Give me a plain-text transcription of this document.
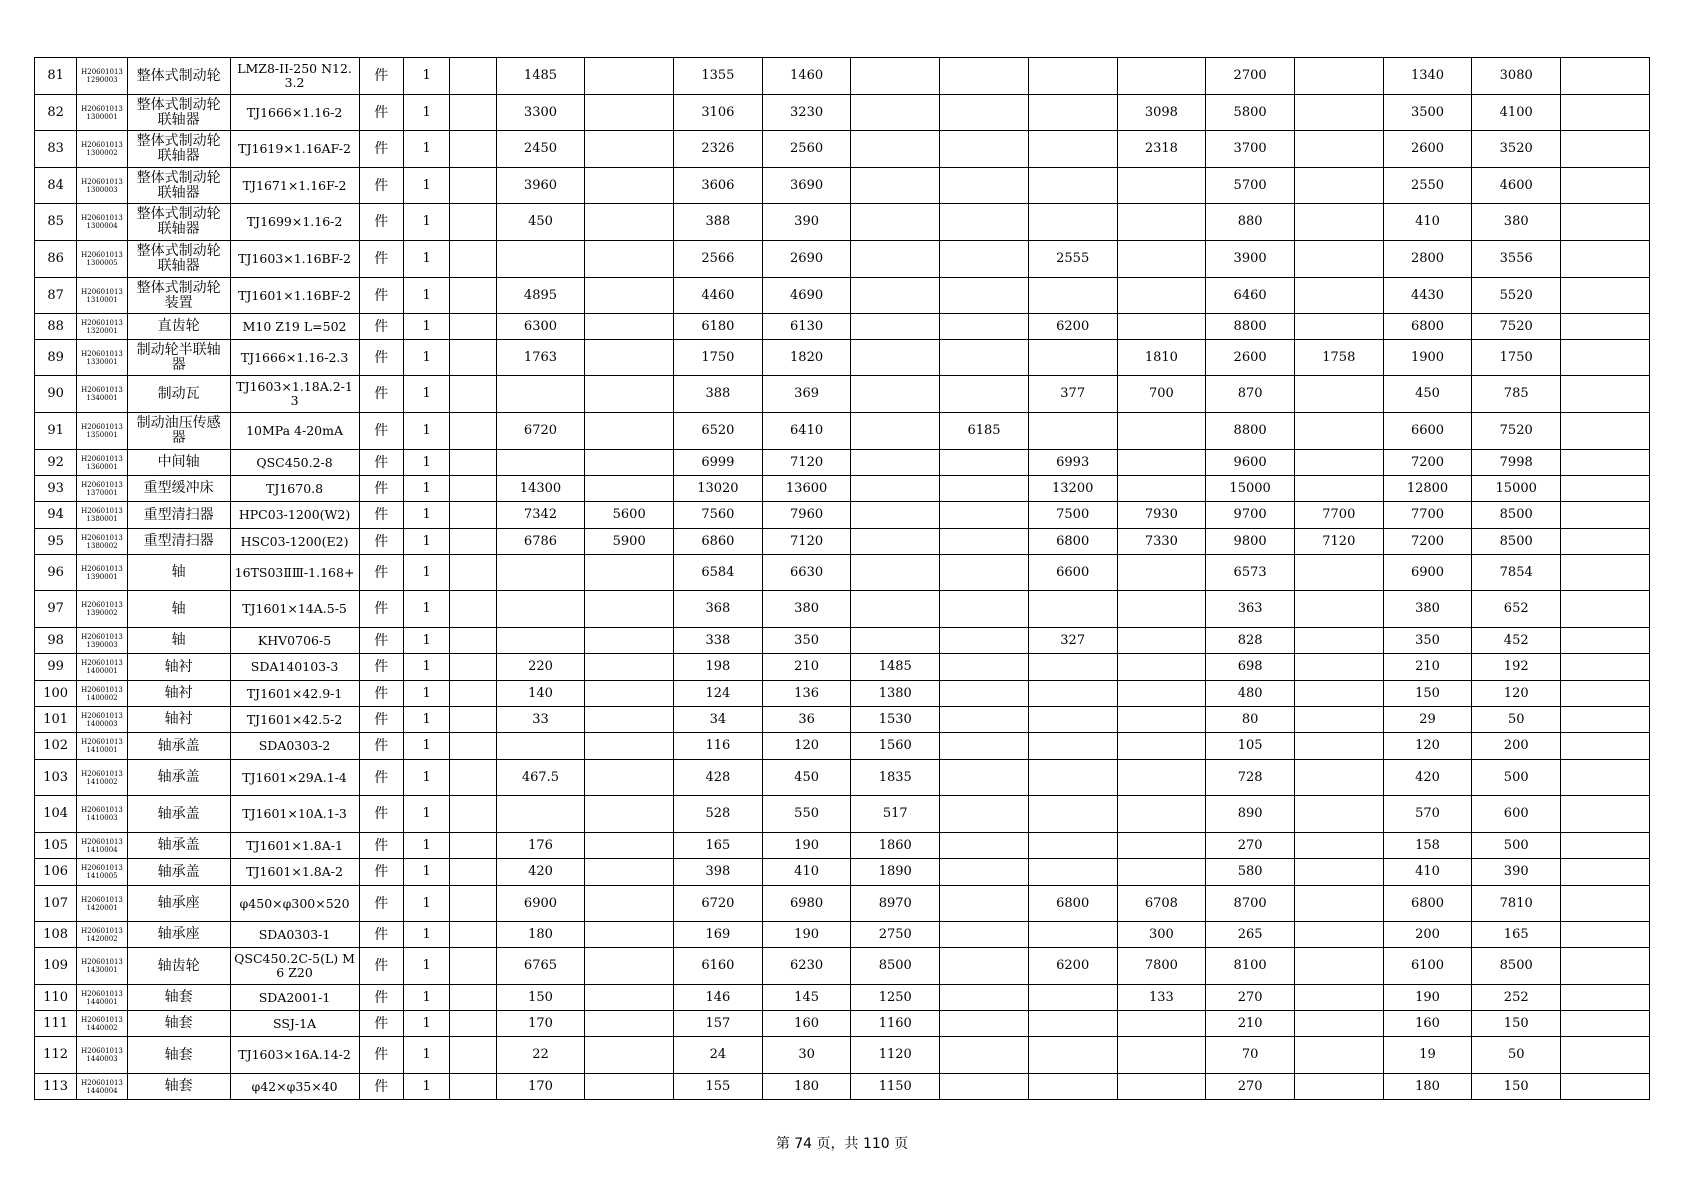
81	H206010131290003	整体式制动轮	LMZ8-II-250 N12.3.2	件	1		1485		1355	1460					2700		1340	3080	
82	H206010131300001	整体式制动轮联轴器	TJ1666×1.16-2	件	1		3300		3106	3230				3098	5800		3500	4100	
83	H206010131300002	整体式制动轮联轴器	TJ1619×1.16AF-2	件	1		2450		2326	2560				2318	3700		2600	3520	
84	H206010131300003	整体式制动轮联轴器	TJ1671×1.16F-2	件	1		3960		3606	3690					5700		2550	4600	
85	H206010131300004	整体式制动轮联轴器	TJ1699×1.16-2	件	1		450		388	390					880		410	380	
86	H206010131300005	整体式制动轮联轴器	TJ1603×1.16BF-2	件	1				2566	2690			2555		3900		2800	3556	
87	H206010131310001	整体式制动轮装置	TJ1601×1.16BF-2	件	1		4895		4460	4690					6460		4430	5520	
88	H206010131320001	直齿轮	M10 Z19 L=502	件	1		6300		6180	6130			6200		8800		6800	7520	
89	H206010131330001	制动轮半联轴器	TJ1666×1.16-2.3	件	1		1763		1750	1820				1810	2600	1758	1900	1750	
90	H206010131340001	制动瓦	TJ1603×1.18A.2-13	件	1				388	369			377	700	870		450	785	
91	H206010131350001	制动油压传感器	10MPa 4-20mA	件	1		6720		6520	6410		6185			8800		6600	7520	
92	H206010131360001	中间轴	QSC450.2-8	件	1				6999	7120			6993		9600		7200	7998	
93	H206010131370001	重型缓冲床	TJ1670.8	件	1		14300		13020	13600			13200		15000		12800	15000	
94	H206010131380001	重型清扫器	HPC03-1200(W2)	件	1		7342	5600	7560	7960			7500	7930	9700	7700	7700	8500	
95	H206010131380002	重型清扫器	HSC03-1200(E2)	件	1		6786	5900	6860	7120			6800	7330	9800	7120	7200	8500	
96	H206010131390001	轴	16TS03ⅡⅢ-1.168+	件	1				6584	6630			6600		6573		6900	7854	
97	H206010131390002	轴	TJ1601×14A.5-5	件	1				368	380					363		380	652	
98	H206010131390003	轴	KHV0706-5	件	1				338	350			327		828		350	452	
99	H206010131400001	轴衬	SDA140103-3	件	1		220		198	210	1485				698		210	192	
100	H206010131400002	轴衬	TJ1601×42.9-1	件	1		140		124	136	1380				480		150	120	
101	H206010131400003	轴衬	TJ1601×42.5-2	件	1		33		34	36	1530				80		29	50	
102	H206010131410001	轴承盖	SDA0303-2	件	1				116	120	1560				105		120	200	
103	H206010131410002	轴承盖	TJ1601×29A.1-4	件	1		467.5		428	450	1835				728		420	500	
104	H206010131410003	轴承盖	TJ1601×10A.1-3	件	1				528	550	517				890		570	600	
105	H206010131410004	轴承盖	TJ1601×1.8A-1	件	1		176		165	190	1860				270		158	500	
106	H206010131410005	轴承盖	TJ1601×1.8A-2	件	1		420		398	410	1890				580		410	390	
107	H206010131420001	轴承座	φ450×φ300×520	件	1		6900		6720	6980	8970		6800	6708	8700		6800	7810	
108	H206010131420002	轴承座	SDA0303-1	件	1		180		169	190	2750			300	265		200	165	
109	H206010131430001	轴齿轮	QSC450.2C-5(L) M6 Z20	件	1		6765		6160	6230	8500		6200	7800	8100		6100	8500	
110	H206010131440001	轴套	SDA2001-1	件	1		150		146	145	1250			133	270		190	252	
111	H206010131440002	轴套	SSJ-1A	件	1		170		157	160	1160				210		160	150	
112	H206010131440003	轴套	TJ1603×16A.14-2	件	1		22		24	30	1120				70		19	50	
113	H206010131440004	轴套	φ42×φ35×40	件	1		170		155	180	1150				270		180	150	
第 74 页，共 110 页
